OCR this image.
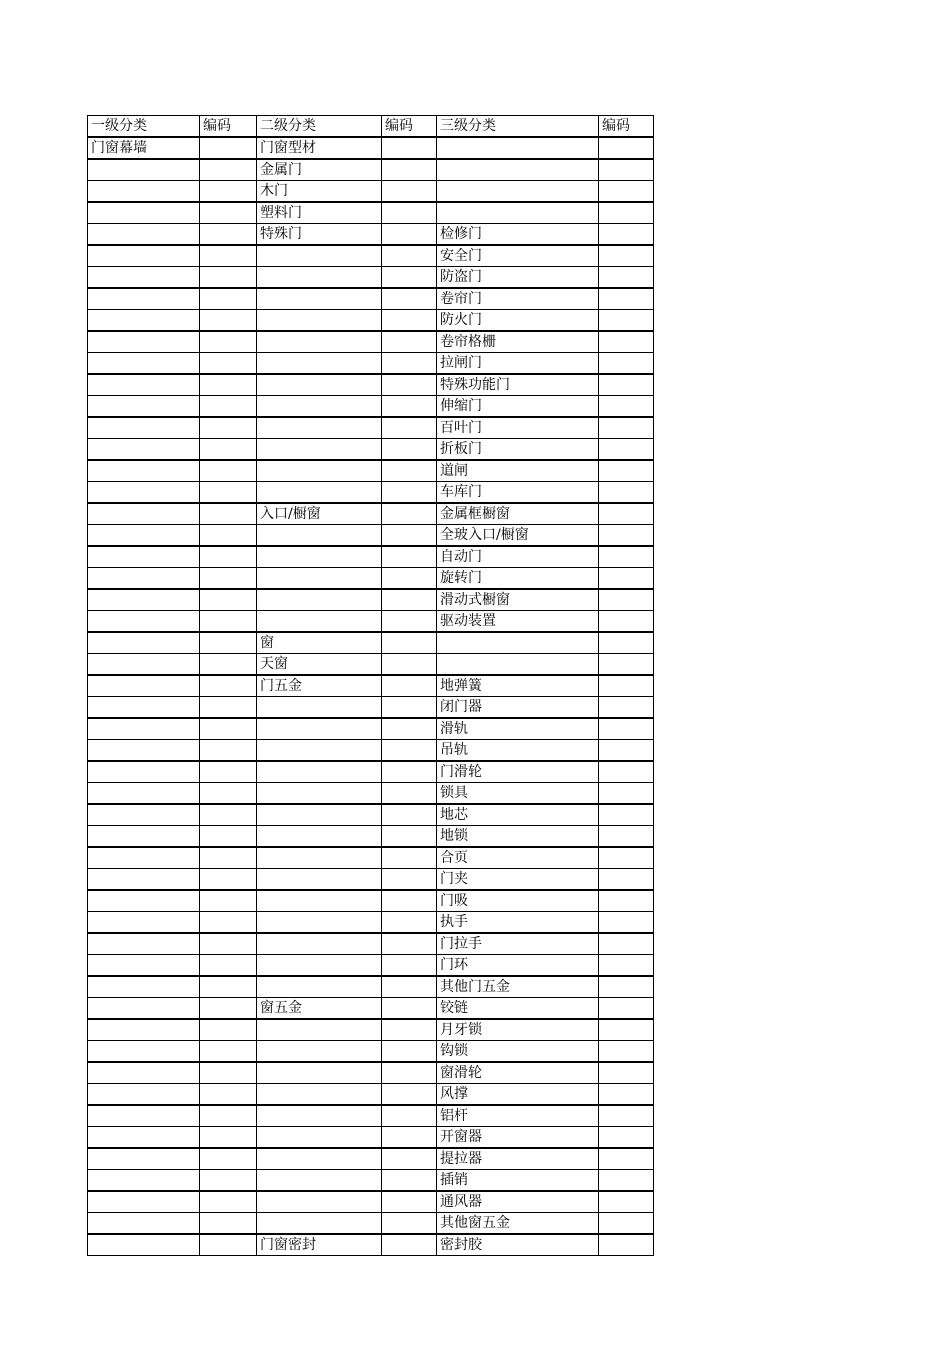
一级分类	编码	二级分类	编码	三级分类	编码
门窗幕墙		门窗型材			
		金属门			
		木门			
		塑料门			
		特殊门		检修门	
				安全门	
				防盗门	
				卷帘门	
				防火门	
				卷帘格栅	
				拉闸门	
				特殊功能门	
				伸缩门	
				百叶门	
				折板门	
				道闸	
				车库门	
		入口/橱窗		金属框橱窗	
				全玻入口/橱窗	
				自动门	
				旋转门	
				滑动式橱窗	
				驱动装置	
		窗			
		天窗			
		门五金		地弹簧	
				闭门器	
				滑轨	
				吊轨	
				门滑轮	
				锁具	
				地芯	
				地锁	
				合页	
				门夹	
				门吸	
				执手	
				门拉手	
				门环	
				其他门五金	
		窗五金		铰链	
				月牙锁	
				钩锁	
				窗滑轮	
				风撑	
				铝杆	
				开窗器	
				提拉器	
				插销	
				通风器	
				其他窗五金	
		门窗密封		密封胶	
